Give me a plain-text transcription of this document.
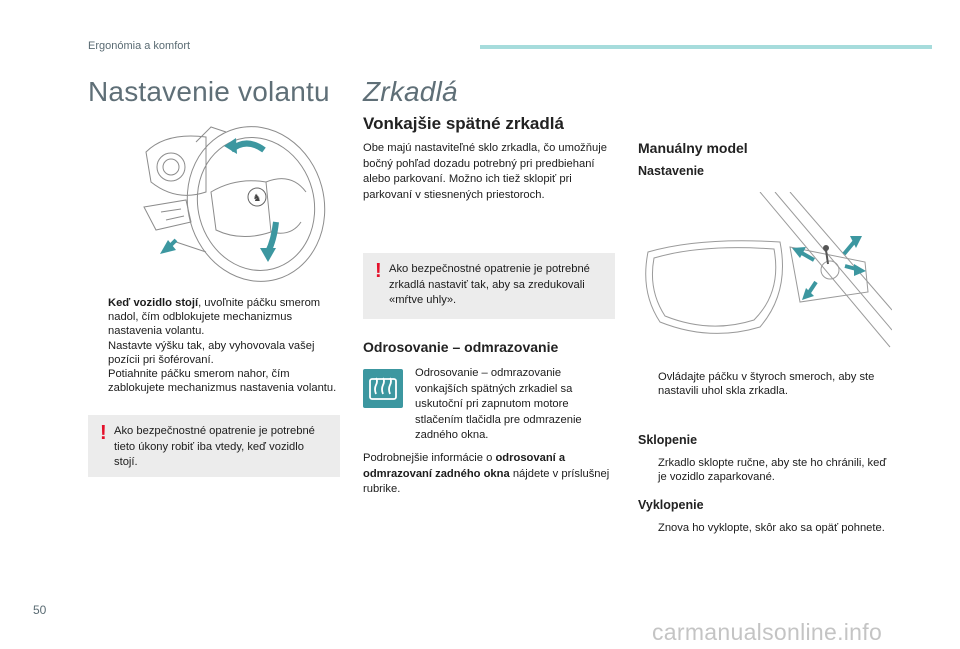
Ergonómia a komfort
Nastavenie volantu
♞
Keď vozidlo stojí, uvoľnite páčku smerom nadol, čím odblokujete mechanizmus nastavenia volantu.
Nastavte výšku tak, aby vyhovovala vašej pozícii pri šoférovaní.
Potiahnite páčku smerom nahor, čím zablokujete mechanizmus nastavenia volantu.
! Ako bezpečnostné opatrenie je potrebné tieto úkony robiť iba vtedy, keď vozidlo stojí.
Zrkadlá
Vonkajšie spätné zrkadlá
Obe majú nastaviteľné sklo zrkadla, čo umožňuje bočný pohľad dozadu potrebný pri predbiehaní alebo parkovaní. Možno ich tiež sklopiť pri parkovaní v stiesnených priestoroch.
! Ako bezpečnostné opatrenie je potrebné zrkadlá nastaviť tak, aby sa zredukovali «mŕtve uhly».
Odrosovanie – odmrazovanie
Odrosovanie – odmrazovanie vonkajších spätných zrkadiel sa uskutoční pri zapnutom motore stlačením tlačidla pre odmrazenie zadného okna.
Podrobnejšie informácie o odrosovaní a odmrazovaní zadného okna nájdete v príslušnej rubrike.
Manuálny model
Nastavenie
Ovládajte páčku v štyroch smeroch, aby ste nastavili uhol skla zrkadla.
Sklopenie
Zrkadlo sklopte ručne, aby ste ho chránili, keď je vozidlo zaparkované.
Vyklopenie
Znova ho vyklopte, skôr ako sa opäť pohnete.
50
carmanualsonline.info
